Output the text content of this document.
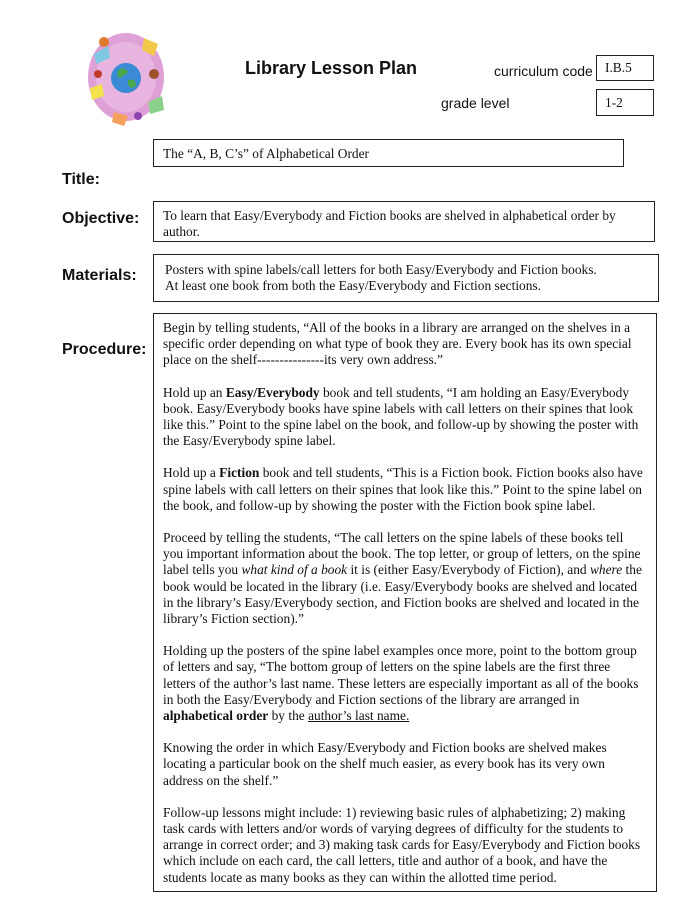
Library Lesson Plan	curriculum code I.B.5
grade level	1-2
The “A, B, C’s” of Alphabetical Order
Title:
Objective: To learn that Easy/Everybody and Fiction books are shelved in alphabetical order by author.
Materials: Posters with spine labels/call letters for both Easy/Everybody and Fiction books.
At least one book from both the Easy/Everybody and Fiction sections.
Procedure:

Begin by telling students, “All of the books in a library are arranged on the shelves in a specific order depending on what type of book they are. Every book has its own special place on the shelf---------------its very own address.”

Hold up an Easy/Everybody book and tell students, “I am holding an Easy/Everybody book. Easy/Everybody books have spine labels with call letters on their spines that look like this.” Point to the spine label on the book, and follow-up by showing the poster with the Easy/Everybody spine label.

Hold up a Fiction book and tell students, “This is a Fiction book. Fiction books also have spine labels with call letters on their spines that look like this.” Point to the spine label on the book, and follow-up by showing the poster with the Fiction book spine label.

Proceed by telling the students, “The call letters on the spine labels of these books tell you important information about the book. The top letter, or group of letters, on the spine label tells you what kind of a book it is (either Easy/Everybody of Fiction), and where the book would be located in the library (i.e. Easy/Everybody books are shelved and located in the library’s Easy/Everybody section, and Fiction books are shelved and located in the library’s Fiction section).”

Holding up the posters of the spine label examples once more, point to the bottom group of letters and say, “The bottom group of letters on the spine labels are the first three letters of the author’s last name. These letters are especially important as all of the books in both the Easy/Everybody and Fiction sections of the library are arranged in alphabetical order by the author’s last name.

Knowing the order in which Easy/Everybody and Fiction books are shelved makes locating a particular book on the shelf much easier, as every book has its very own address on the shelf.”

Follow-up lessons might include: 1) reviewing basic rules of alphabetizing; 2) making task cards with letters and/or words of varying degrees of difficulty for the students to arrange in correct order; and 3) making task cards for Easy/Everybody and Fiction books which include on each card, the call letters, title and author of a book, and have the students locate as many books as they can within the allotted time period.
